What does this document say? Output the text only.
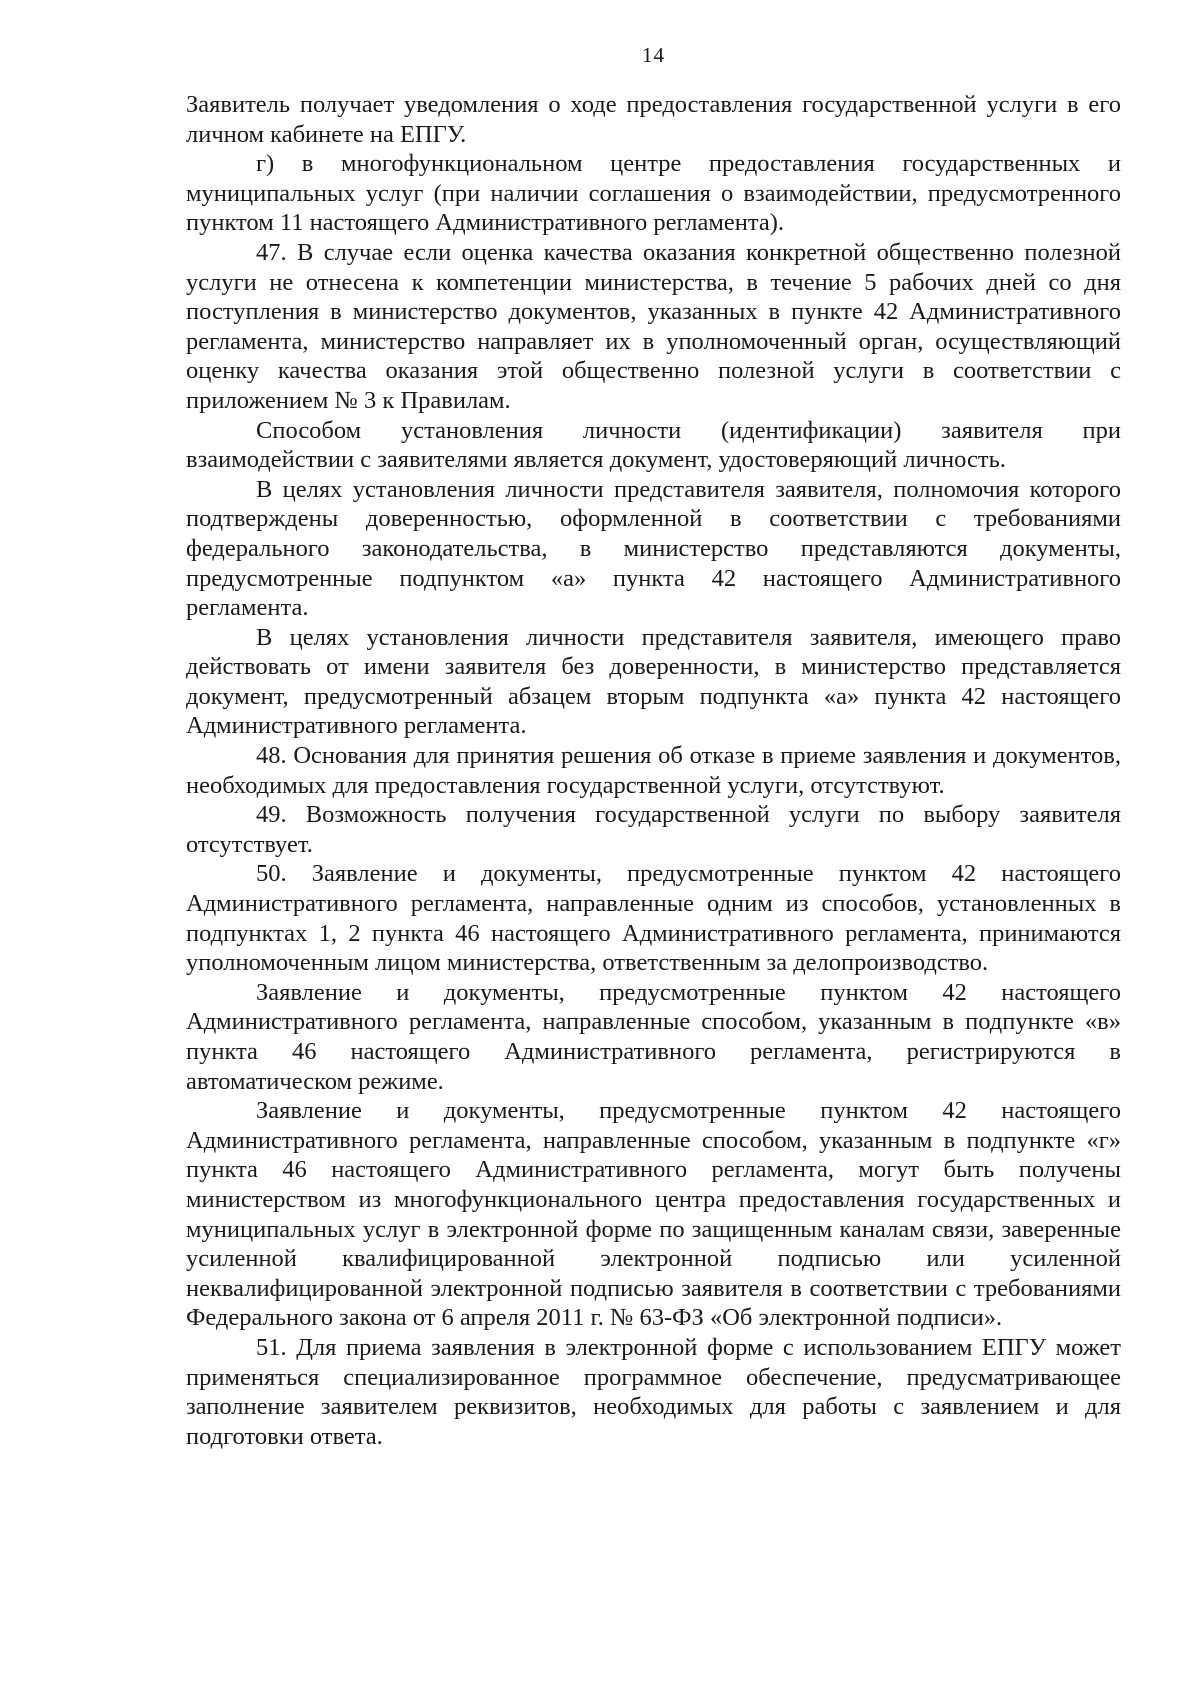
14

Заявитель получает уведомления о ходе предоставления государственной услуги в его личном кабинете на ЕПГУ.

г) в многофункциональном центре предоставления государственных и муниципальных услуг (при наличии соглашения о взаимодействии, предусмотренного пунктом 11 настоящего Административного регламента).

47. В случае если оценка качества оказания конкретной общественно полезной услуги не отнесена к компетенции министерства, в течение 5 рабочих дней со дня поступления в министерство документов, указанных в пункте 42 Административного регламента, министерство направляет их в уполномоченный орган, осуществляющий оценку качества оказания этой общественно полезной услуги в соответствии с приложением № 3 к Правилам.

Способом установления личности (идентификации) заявителя при взаимодействии с заявителями является документ, удостоверяющий личность.

В целях установления личности представителя заявителя, полномочия которого подтверждены доверенностью, оформленной в соответствии с требованиями федерального законодательства, в министерство представляются документы, предусмотренные подпунктом «а» пункта 42 настоящего Административного регламента.

В целях установления личности представителя заявителя, имеющего право действовать от имени заявителя без доверенности, в министерство представляется документ, предусмотренный абзацем вторым подпункта «а» пункта 42 настоящего Административного регламента.

48. Основания для принятия решения об отказе в приеме заявления и документов, необходимых для предоставления государственной услуги, отсутствуют.

49. Возможность получения государственной услуги по выбору заявителя отсутствует.

50. Заявление и документы, предусмотренные пунктом 42 настоящего Административного регламента, направленные одним из способов, установленных в подпунктах 1, 2 пункта 46 настоящего Административного регламента, принимаются уполномоченным лицом министерства, ответственным за делопроизводство.

Заявление и документы, предусмотренные пунктом 42 настоящего Административного регламента, направленные способом, указанным в подпункте «в» пункта 46 настоящего Административного регламента, регистрируются в автоматическом режиме.

Заявление и документы, предусмотренные пунктом 42 настоящего Административного регламента, направленные способом, указанным в подпункте «г» пункта 46 настоящего Административного регламента, могут быть получены министерством из многофункционального центра предоставления государственных и муниципальных услуг в электронной форме по защищенным каналам связи, заверенные усиленной квалифицированной электронной подписью или усиленной неквалифицированной электронной подписью заявителя в соответствии с требованиями Федерального закона от 6 апреля 2011 г. № 63-ФЗ «Об электронной подписи».

51. Для приема заявления в электронной форме с использованием ЕПГУ может применяться специализированное программное обеспечение, предусматривающее заполнение заявителем реквизитов, необходимых для работы с заявлением и для подготовки ответа.
